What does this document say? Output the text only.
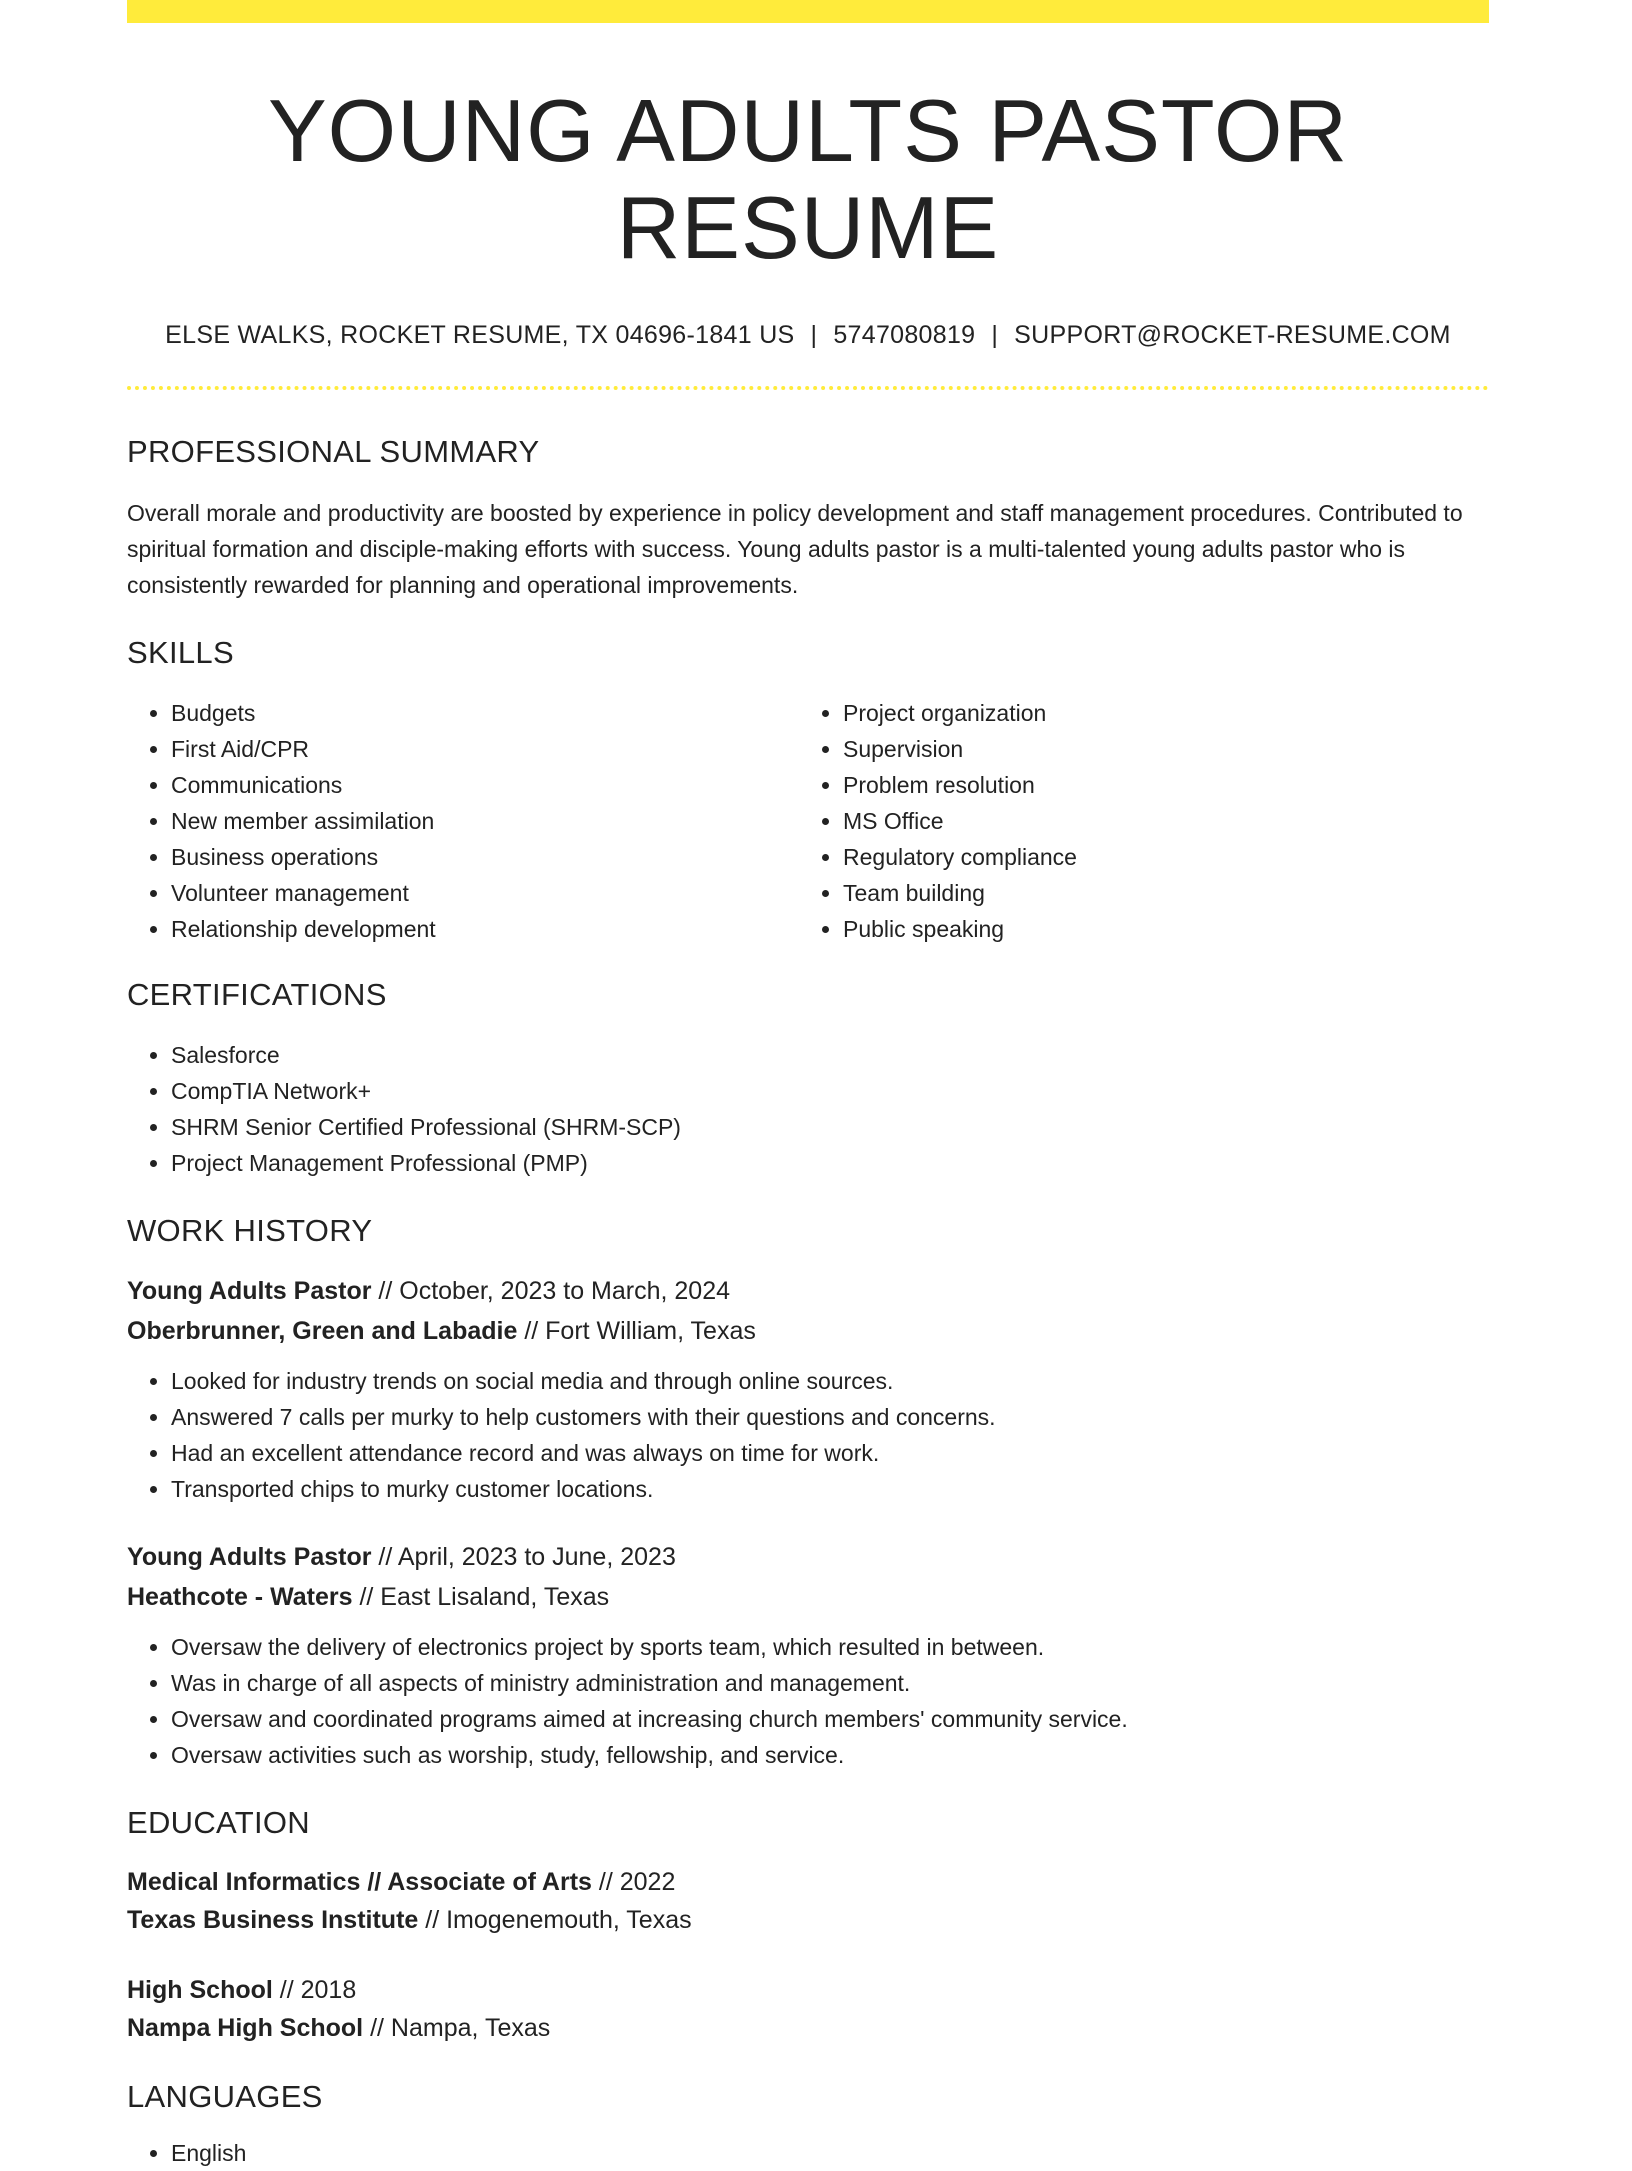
YOUNG ADULTS PASTOR RESUME
ELSE WALKS, ROCKET RESUME, TX 04696-1841 US | 5747080819 | SUPPORT@ROCKET-RESUME.COM
PROFESSIONAL SUMMARY

Overall morale and productivity are boosted by experience in policy development and staff management procedures. Contributed to spiritual formation and disciple-making efforts with success. Young adults pastor is a multi-talented young adults pastor who is consistently rewarded for planning and operational improvements.

SKILLS
• Budgets
• First Aid/CPR
• Communications
• New member assimilation
• Business operations
• Volunteer management
• Relationship development
• Project organization
• Supervision
• Problem resolution
• MS Office
• Regulatory compliance
• Team building
• Public speaking
CERTIFICATIONS
• Salesforce
• CompTIA Network+
• SHRM Senior Certified Professional (SHRM-SCP)
• Project Management Professional (PMP)
WORK HISTORY
Young Adults Pastor // October, 2023 to March, 2024
Oberbrunner, Green and Labadie // Fort William, Texas
• Looked for industry trends on social media and through online sources.
• Answered 7 calls per murky to help customers with their questions and concerns.
• Had an excellent attendance record and was always on time for work.
• Transported chips to murky customer locations.
Young Adults Pastor // April, 2023 to June, 2023
Heathcote - Waters // East Lisaland, Texas
• Oversaw the delivery of electronics project by sports team, which resulted in between.
• Was in charge of all aspects of ministry administration and management.
• Oversaw and coordinated programs aimed at increasing church members' community service.
• Oversaw activities such as worship, study, fellowship, and service.
EDUCATION
Medical Informatics // Associate of Arts // 2022
Texas Business Institute // Imogenemouth, Texas
High School // 2018
Nampa High School // Nampa, Texas
LANGUAGES
• English
